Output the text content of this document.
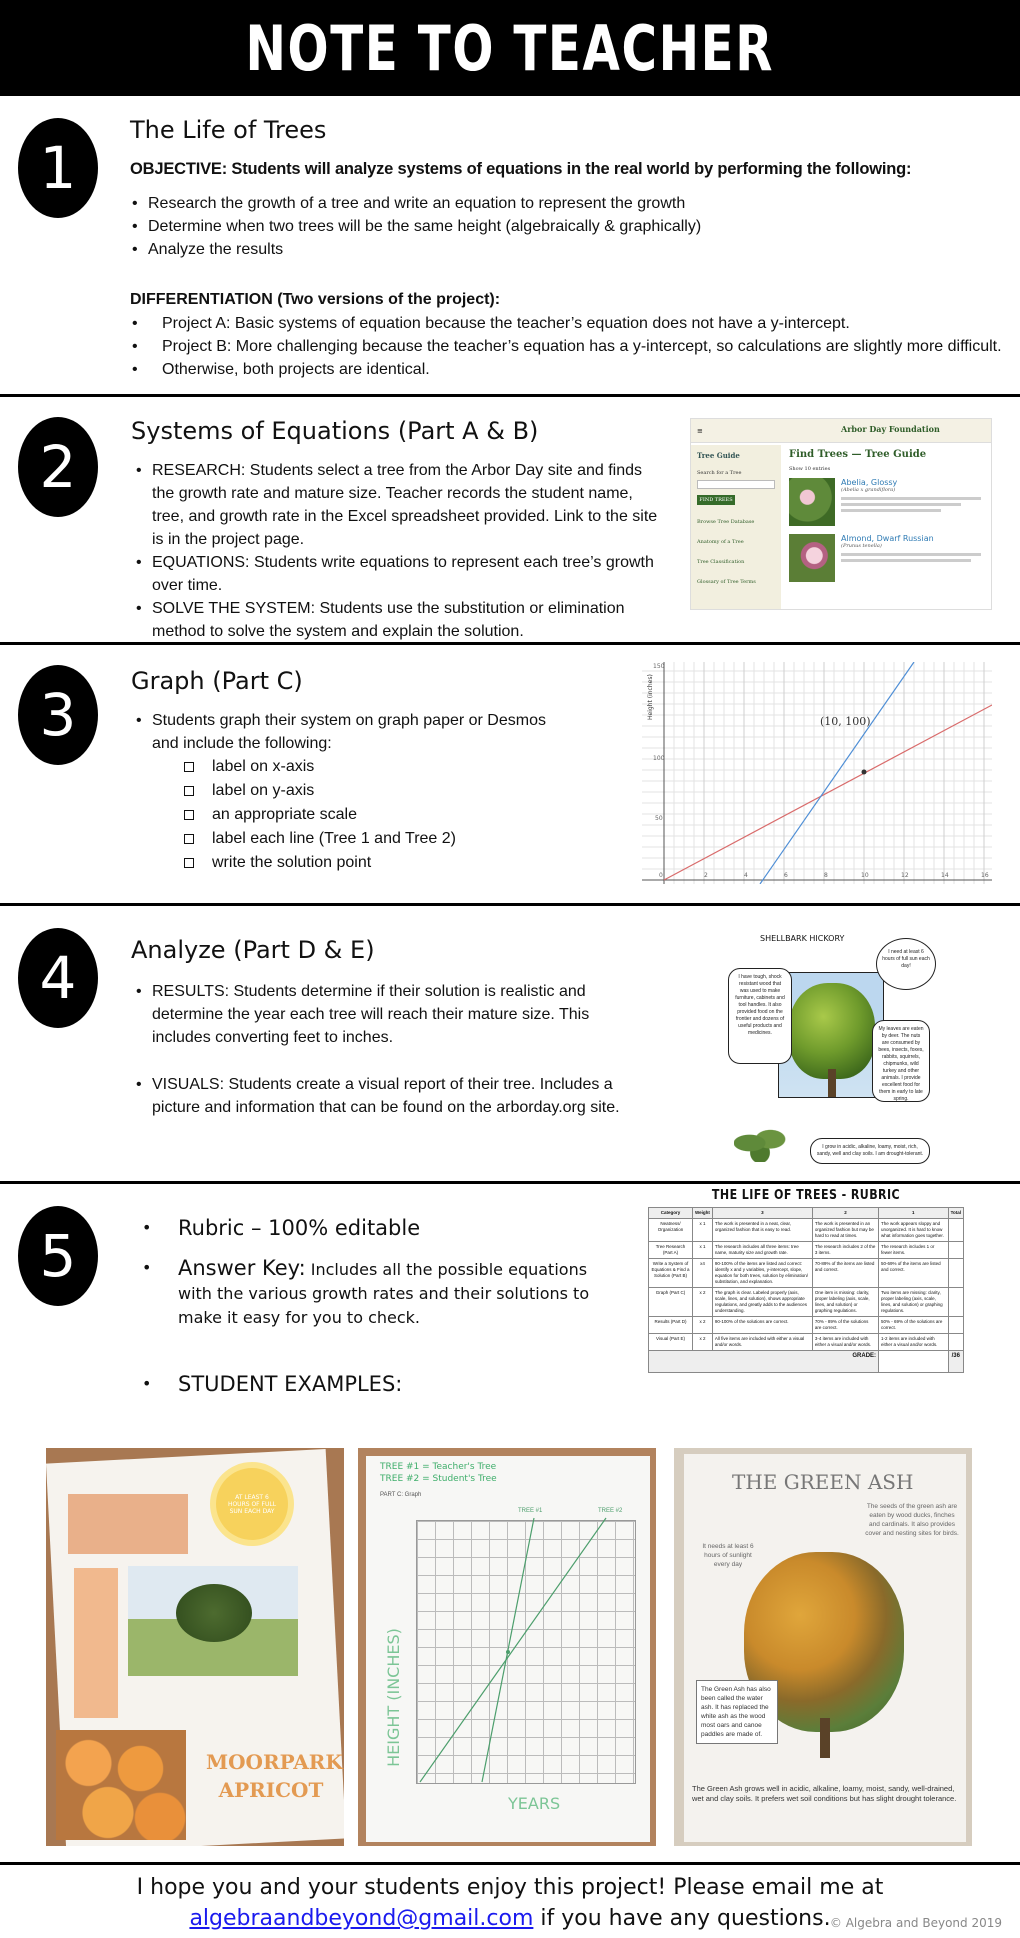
NOTE TO TEACHER
1
The Life of Trees
OBJECTIVE: Students will analyze systems of equations in the real world by performing the following:
• Research the growth of a tree and write an equation to represent the growth
• Determine when two trees will be the same height (algebraically & graphically)
• Analyze the results
DIFFERENTIATION (Two versions of the project):
• Project A: Basic systems of equation because the teacher’s equation does not have a y-intercept.
• Project B: More challenging because the teacher’s equation has a y-intercept, so calculations are slightly more difficult.
• Otherwise, both projects are identical.
2
Systems of Equations (Part A & B)
• RESEARCH: Students select a tree from the Arbor Day site and finds the growth rate and mature size. Teacher records the student name, tree, and growth rate in the Excel spreadsheet provided. Link to the site is in the project page.
• EQUATIONS: Students write equations to represent each tree’s growth over time.
• SOLVE THE SYSTEM: Students use the substitution or elimination method to solve the system and explain the solution.
≡	Arbor Day Foundation
Tree Guide
Search for a Tree
FIND TREES
Browse Tree Database
Anatomy of a Tree
Tree Classification
Glossary of Tree Terms
Find Trees — Tree Guide
Show 10 entries
Abelia, Glossy
(Abelia x grandiflora)
Almond, Dwarf Russian
(Prunus tenella)
3	Graph (Part C)
• Students graph their system on graph paper or Desmos and include the following:
label on x-axis
label on y-axis
an appropriate scale
label each line (Tree 1 and Tree 2)
write the solution point
(10, 100)
Height (inches)
50
100
150
0	2	4	6	8	10	12	14	16
4	Analyze (Part D & E)
• RESULTS: Students determine if their solution is realistic and determine the year each tree will reach their mature size. This includes converting feet to inches.
• VISUALS: Students create a visual report of their tree. Includes a picture and information that can be found on the arborday.org site.
SHELLBARK HICKORY
I have tough, shock resistant wood that was used to make furniture, cabinets and tool handles. It also provided food on the frontier and dozens of useful products and medicines.
I need at least 6 hours of full sun each day!
My leaves are eaten by deer. The nuts are consumed by bees, insects, foxes, rabbits, squirrels, chipmunks, wild turkey and other animals. I provide excellent food for them in early to late spring.
I grow in acidic, alkaline, loamy, moist, rich, sandy, well and clay soils. I am drought-tolerant.
5	• Rubric – 100% editable
• Answer Key: Includes all the possible equations with the various growth rates and their solutions to make it easy for you to check.
• STUDENT EXAMPLES:
THE LIFE OF TREES - RUBRIC
Category	Weight	3	2	1	Total
Neatness/ Organization	x 1	The work is presented in a neat, clear, organized fashion that is easy to read.	The work is presented in an organized fashion but may be hard to read at times.	The work appears sloppy and unorganized. It is hard to know what information goes together.	
Tree Research (Part A)	x 1	The research includes all three items: tree name, maturity size and growth rate.	The research includes 2 of the 3 items.	The research includes 1 or fewer items.	
Write a System of Equations & Find a Solution (Part B)	x4	90-100% of the items are listed and correct: identify x and y variables, y-intercept, slope, equation for both trees, solution by elimination/ substitution, and explanation.	70-89% of the items are listed and correct.	50-69% of the items are listed and correct.	
Graph (Part C)	x 2	The graph is clear. Labeled properly (axis, scale, lines, and solution), shows appropriate regulations, and greatly adds to the audiences understanding.	One item is missing: clarity, proper labeling (axis, scale, lines, and solution) or graphing regulations.	Two items are missing: clarity, proper labeling (axis, scale, lines, and solution) or graphing regulations.	
Results (Part D)	x 2	90-100% of the solutions are correct.	70% - 89% of the solutions are correct.	50% - 69% of the solutions are correct.	
Visual (Part E)	x 2	All five items are included with either a visual and/or words.	3-4 items are included with either a visual and/or words.	1-2 items are included with either a visual and/or words.	
GRADE:					/36
AT LEAST 6 HOURS OF FULL SUN EACH DAY
MOORPARK
APRICOT
TREE #1 = Teacher's Tree
TREE #2 = Student's Tree
PART C: Graph
TREE #1	TREE #2
YEARS
HEIGHT (INCHES)
THE GREEN ASH
The seeds of the green ash are eaten by wood ducks, finches and cardinals. It also provides cover and nesting sites for birds.
It needs at least 6 hours of sunlight every day
The Green Ash has also been called the water ash. It has replaced the white ash as the wood most oars and canoe paddles are made of.
The Green Ash grows well in acidic, alkaline, loamy, moist, sandy, well-drained, wet and clay soils. It prefers wet soil conditions but has slight drought tolerance.
I hope you and your students enjoy this project! Please email me at
algebraandbeyond@gmail.com if you have any questions. © Algebra and Beyond 2019
